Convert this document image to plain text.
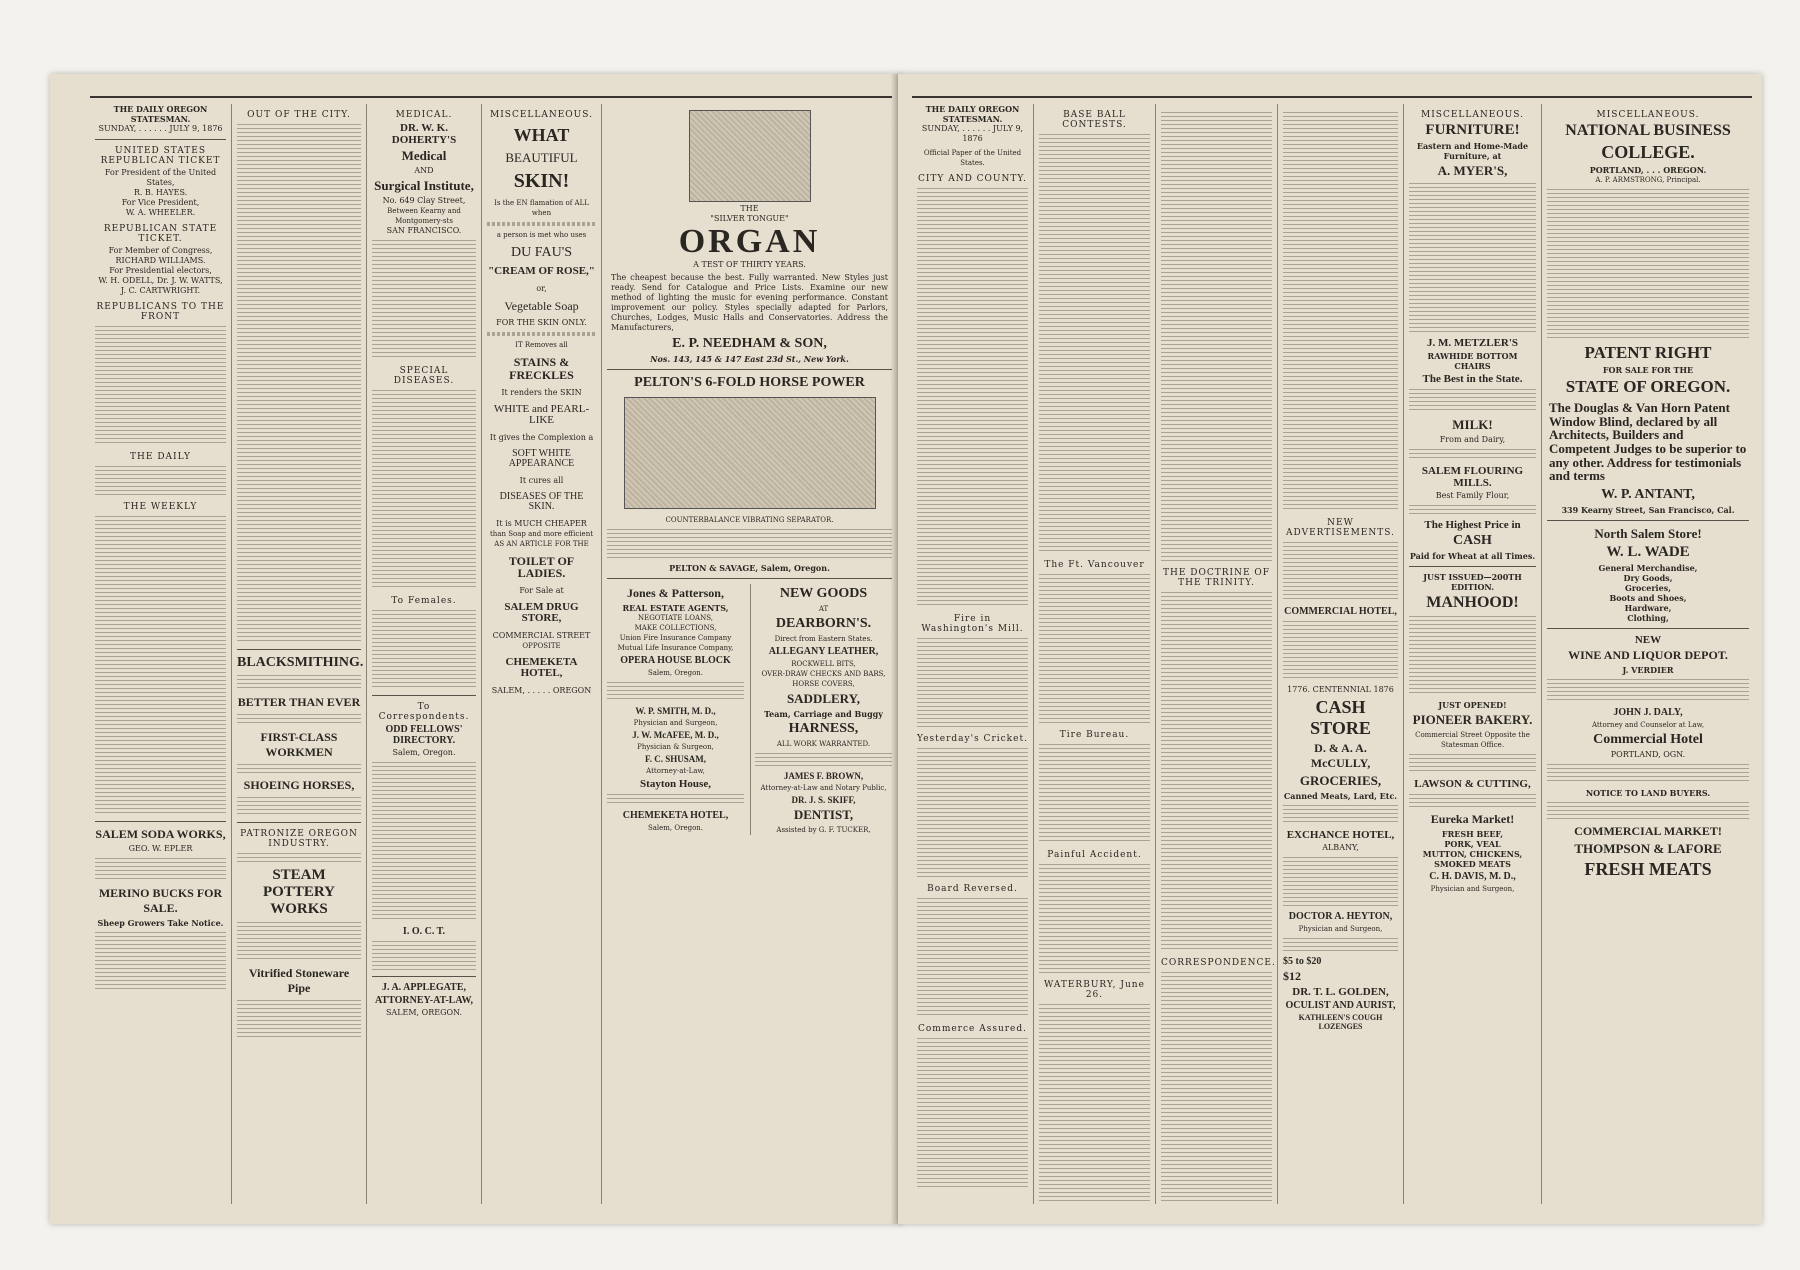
THE DAILY OREGON STATESMAN.
SUNDAY, . . . . . . JULY 9, 1876
UNITED STATES REPUBLICAN TICKET
For President of the United States,
R. B. HAYES.
For Vice President,
W. A. WHEELER.
REPUBLICAN STATE TICKET.
For Member of Congress,
RICHARD WILLIAMS.
For Presidential electors,
W. H. ODELL, Dr. J. W. WATTS,
J. C. CARTWRIGHT.
REPUBLICANS TO THE FRONT
THE DAILY
THE WEEKLY
SALEM SODA WORKS,
GEO. W. EPLER
MERINO BUCKS FOR SALE.
Sheep Growers Take Notice.
OUT OF THE CITY.
BLACKSMITHING.
BETTER THAN EVER
FIRST-CLASS WORKMEN
SHOEING HORSES,
PATRONIZE OREGON INDUSTRY.
STEAM POTTERY WORKS
Vitrified Stoneware Pipe
MEDICAL.
DR. W. K. DOHERTY'S
Medical
AND
Surgical Institute,
No. 649 Clay Street,
Between Kearny and Montgomery-sts
SAN FRANCISCO.
SPECIAL DISEASES.
To Females.
To Correspondents.
ODD FELLOWS' DIRECTORY.
Salem, Oregon.
I. O. C. T.
J. A. APPLEGATE,
ATTORNEY-AT-LAW,
SALEM, OREGON.
MISCELLANEOUS.
WHAT
BEAUTIFUL
SKIN!
Is the EN flamation of ALL when
a person is met who uses
DU FAU'S
"CREAM OF ROSE,"
or,
Vegetable Soap
FOR THE SKIN ONLY.
IT Removes all
STAINS & FRECKLES
It renders the SKIN
WHITE and PEARL-LIKE
It gives the Complexion a
SOFT WHITE APPEARANCE
It cures all
DISEASES OF THE SKIN.
It is MUCH CHEAPER
than Soap and more efficient
AS AN ARTICLE FOR THE
TOILET OF LADIES.
For Sale at
SALEM DRUG STORE,
COMMERCIAL STREET
OPPOSITE
CHEMEKETA HOTEL,
SALEM, . . . . . OREGON
THE
"SILVER TONGUE"
ORGAN
A TEST OF THIRTY YEARS.
The cheapest because the best. Fully warranted. New Styles just ready. Send for Catalogue and Price Lists. Examine our new method of lighting the music for evening performance. Constant improvement our policy. Styles specially adapted for Parlors, Churches, Lodges, Music Halls and Conservatories. Address the Manufacturers,
E. P. NEEDHAM & SON,
Nos. 143, 145 & 147 East 23d St., New York.
PELTON'S 6-FOLD HORSE POWER
COUNTERBALANCE VIBRATING SEPARATOR.
PELTON & SAVAGE, Salem, Oregon.
Jones & Patterson,
REAL ESTATE AGENTS,
NEGOTIATE LOANS,
MAKE COLLECTIONS,
Union Fire Insurance Company
Mutual Life Insurance Company,
OPERA HOUSE BLOCK
Salem, Oregon.
W. P. SMITH, M. D.,
Physician and Surgeon,
J. W. McAFEE, M. D.,
Physician & Surgeon,
F. C. SHUSAM,
Attorney-at-Law,
Stayton House,
CHEMEKETA HOTEL,
Salem, Oregon.
NEW GOODS
AT
DEARBORN'S.
Direct from Eastern States.
ALLEGANY LEATHER,
ROCKWELL BITS,
OVER-DRAW CHECKS AND BARS,
HORSE COVERS,
SADDLERY,
Team, Carriage and Buggy
HARNESS,
ALL WORK WARRANTED.
JAMES F. BROWN,
Attorney-at-Law and Notary Public,
DR. J. S. SKIFF,
DENTIST,
Assisted by G. F. TUCKER,
THE DAILY OREGON STATESMAN.
SUNDAY, . . . . . . JULY 9, 1876
Official Paper of the United States.
CITY AND COUNTY.
Fire in Washington's Mill.
Yesterday's Cricket.
Board Reversed.
Commerce Assured.
BASE BALL CONTESTS.
The Ft. Vancouver
Tire Bureau.
Painful Accident.
WATERBURY, June 26.
THE DOCTRINE OF THE TRINITY.
CORRESPONDENCE.
NEW ADVERTISEMENTS.
COMMERCIAL HOTEL,
1776. CENTENNIAL 1876
CASH STORE
D. & A. A. McCULLY,
GROCERIES,
Canned Meats, Lard, Etc.
EXCHANCE HOTEL,
ALBANY,
DOCTOR A. HEYTON,
Physician and Surgeon,
$5 to $20
$12
DR. T. L. GOLDEN,
OCULIST AND AURIST,
KATHLEEN'S COUGH LOZENGES
MISCELLANEOUS.
FURNITURE!
Eastern and Home-Made
Furniture, at
A. MYER'S,
J. M. METZLER'S
RAWHIDE BOTTOM CHAIRS
The Best in the State.
MILK!
From and Dairy,
SALEM FLOURING MILLS.
Best Family Flour,
The Highest Price in
CASH
Paid for Wheat at all Times.
JUST ISSUED—200TH EDITION.
MANHOOD!
JUST OPENED!
PIONEER BAKERY.
Commercial Street Opposite the Statesman Office.
LAWSON & CUTTING,
Eureka Market!
FRESH BEEF,
PORK, VEAL
MUTTON, CHICKENS,
SMOKED MEATS
C. H. DAVIS, M. D.,
Physician and Surgeon,
MISCELLANEOUS.
NATIONAL BUSINESS
COLLEGE.
PORTLAND, . . . OREGON.
A. P. ARMSTRONG, Principal.
PATENT RIGHT
FOR SALE FOR THE
STATE OF OREGON.
The Douglas & Van Horn Patent Window Blind, declared by all Architects, Builders and Competent Judges to be superior to any other. Address for testimonials and terms
W. P. ANTANT,
339 Kearny Street, San Francisco, Cal.
North Salem Store!
W. L. WADE
General Merchandise,
Dry Goods,
Groceries,
Boots and Shoes,
Hardware,
Clothing,
NEW
WINE AND LIQUOR DEPOT.
J. VERDIER
JOHN J. DALY,
Attorney and Counselor at Law,
Commercial Hotel
PORTLAND, OGN.
NOTICE TO LAND BUYERS.
COMMERCIAL MARKET!
THOMPSON & LAFORE
FRESH MEATS
